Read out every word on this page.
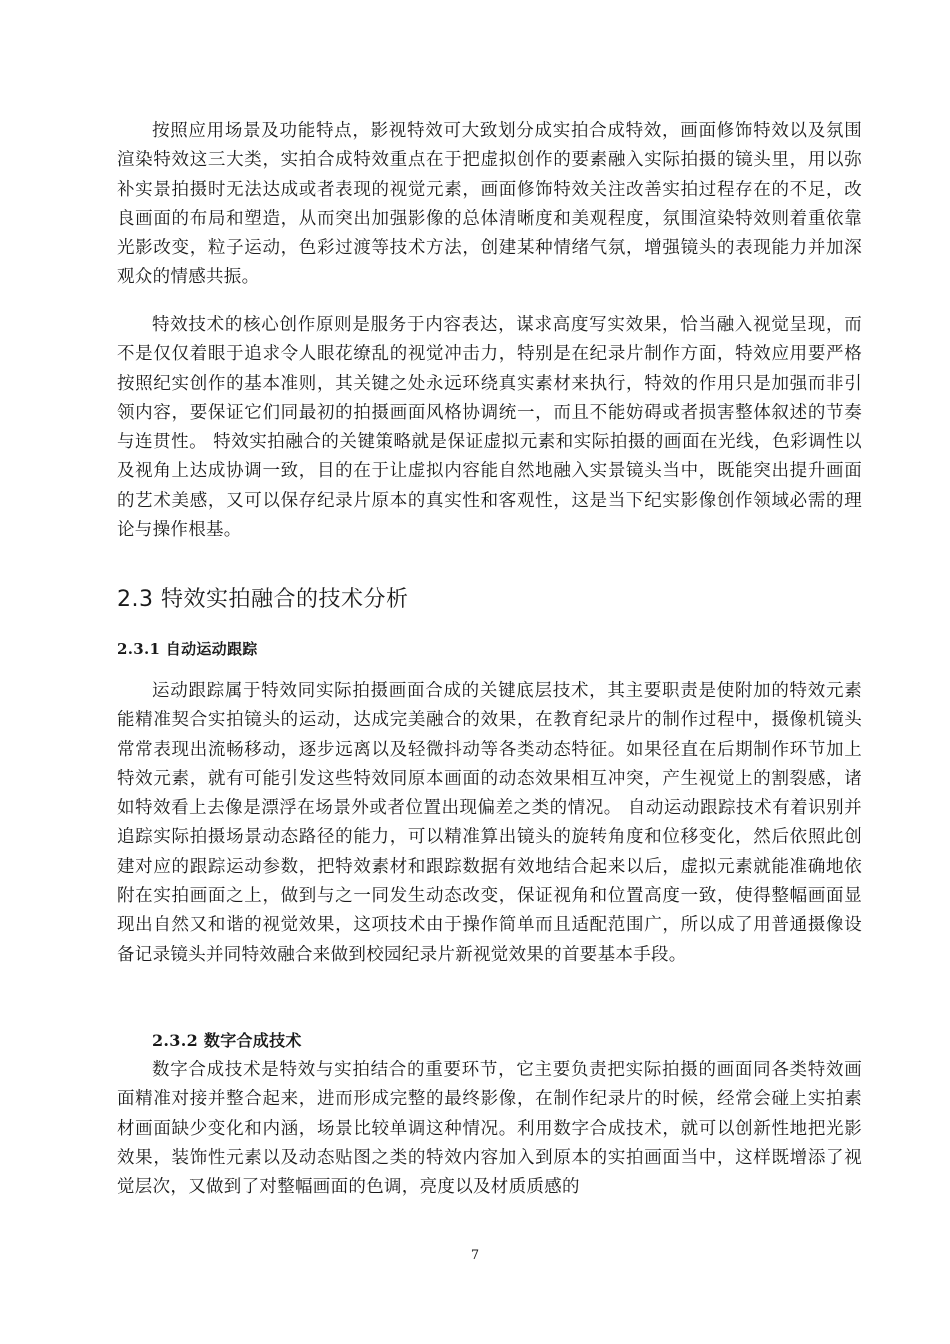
按照应用场景及功能特点，影视特效可大致划分成实拍合成特效，画面修饰特效以及氛围渲染特效这三大类，实拍合成特效重点在于把虚拟创作的要素融入实际拍摄的镜头里，用以弥补实景拍摄时无法达成或者表现的视觉元素，画面修饰特效关注改善实拍过程存在的不足，改良画面的布局和塑造，从而突出加强影像的总体清晰度和美观程度，氛围渲染特效则着重依靠光影改变，粒子运动，色彩过渡等技术方法，创建某种情绪气氛，增强镜头的表现能力并加深观众的情感共振。

特效技术的核心创作原则是服务于内容表达，谋求高度写实效果，恰当融入视觉呈现，而不是仅仅着眼于追求令人眼花缭乱的视觉冲击力，特别是在纪录片制作方面，特效应用要严格按照纪实创作的基本准则，其关键之处永远环绕真实素材来执行，特效的作用只是加强而非引领内容，要保证它们同最初的拍摄画面风格协调统一，而且不能妨碍或者损害整体叙述的节奏与连贯性。 特效实拍融合的关键策略就是保证虚拟元素和实际拍摄的画面在光线，色彩调性以及视角上达成协调一致，目的在于让虚拟内容能自然地融入实景镜头当中，既能突出提升画面的艺术美感，又可以保存纪录片原本的真实性和客观性，这是当下纪实影像创作领域必需的理论与操作根基。

2.3 特效实拍融合的技术分析
2.3.1 自动运动跟踪

运动跟踪属于特效同实际拍摄画面合成的关键底层技术，其主要职责是使附加的特效元素能精准契合实拍镜头的运动，达成完美融合的效果，在教育纪录片的制作过程中，摄像机镜头常常表现出流畅移动，逐步远离以及轻微抖动等各类动态特征。如果径直在后期制作环节加上特效元素，就有可能引发这些特效同原本画面的动态效果相互冲突，产生视觉上的割裂感，诸如特效看上去像是漂浮在场景外或者位置出现偏差之类的情况。 自动运动跟踪技术有着识别并追踪实际拍摄场景动态路径的能力，可以精准算出镜头的旋转角度和位移变化，然后依照此创建对应的跟踪运动参数，把特效素材和跟踪数据有效地结合起来以后，虚拟元素就能准确地依附在实拍画面之上，做到与之一同发生动态改变，保证视角和位置高度一致，使得整幅画面显现出自然又和谐的视觉效果，这项技术由于操作简单而且适配范围广，所以成了用普通摄像设备记录镜头并同特效融合来做到校园纪录片新视觉效果的首要基本手段。

2.3.2 数字合成技术

数字合成技术是特效与实拍结合的重要环节，它主要负责把实际拍摄的画面同各类特效画面精准对接并整合起来，进而形成完整的最终影像，在制作纪录片的时候，经常会碰上实拍素材画面缺少变化和内涵，场景比较单调这种情况。利用数字合成技术，就可以创新性地把光影效果，装饰性元素以及动态贴图之类的特效内容加入到原本的实拍画面当中，这样既增添了视觉层次，又做到了对整幅画面的色调，亮度以及材质质感的

7
